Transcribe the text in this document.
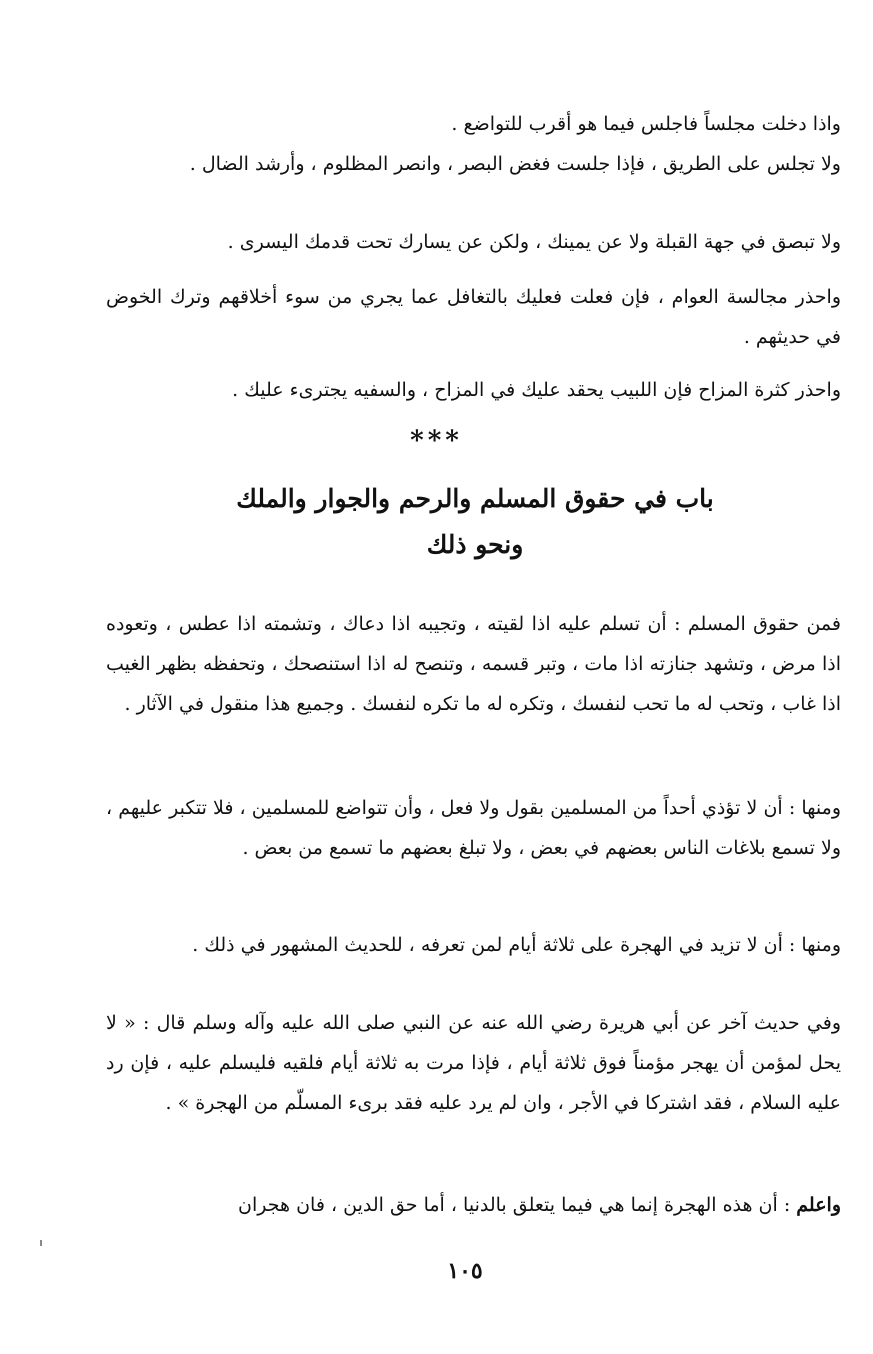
واذا دخلت مجلساً فاجلس فيما هو أقرب للتواضع .

ولا تجلس على الطريق ، فإذا جلست فغض البصر ، وانصر المظلوم ، وأرشد الضال .

ولا تبصق في جهة القبلة ولا عن يمينك ، ولكن عن يسارك تحت قدمك اليسرى .

واحذر مجالسة العوام ، فإن فعلت فعليك بالتغافل عما يجري من سوء أخلاقهم وترك الخوض في حديثهم .

واحذر كثرة المزاح فإن اللبيب يحقد عليك في المزاح ، والسفيه يجترىء عليك .

***
باب في حقوق المسلم والرحم والجوار والملك
ونحو ذلك

فمن حقوق المسلم : أن تسلم عليه اذا لقيته ، وتجيبه اذا دعاك ، وتشمته اذا عطس ، وتعوده اذا مرض ، وتشهد جنازته اذا مات ، وتبر قسمه ، وتنصح له اذا استنصحك ، وتحفظه بظهر الغيب اذا غاب ، وتحب له ما تحب لنفسك ، وتكره له ما تكره لنفسك . وجميع هذا منقول في الآثار .

ومنها : أن لا تؤذي أحداً من المسلمين بقول ولا فعل ، وأن تتواضع للمسلمين ، فلا تتكبر عليهم ، ولا تسمع بلاغات الناس بعضهم في بعض ، ولا تبلغ بعضهم ما تسمع من بعض .

ومنها : أن لا تزيد في الهجرة على ثلاثة أيام لمن تعرفه ، للحديث المشهور في ذلك .

وفي حديث آخر عن أبي هريرة رضي الله عنه عن النبي صلى الله عليه وآله وسلم قال : « لا يحل لمؤمن أن يهجر مؤمناً فوق ثلاثة أيام ، فإذا مرت به ثلاثة أيام فلقيه فليسلم عليه ، فإن رد عليه السلام ، فقد اشتركا في الأجر ، وان لم يرد عليه فقد برىء المسلّم من الهجرة » .

واعلم : أن هذه الهجرة إنما هي فيما يتعلق بالدنيا ، أما حق الدين ، فان هجران

١٠٥
